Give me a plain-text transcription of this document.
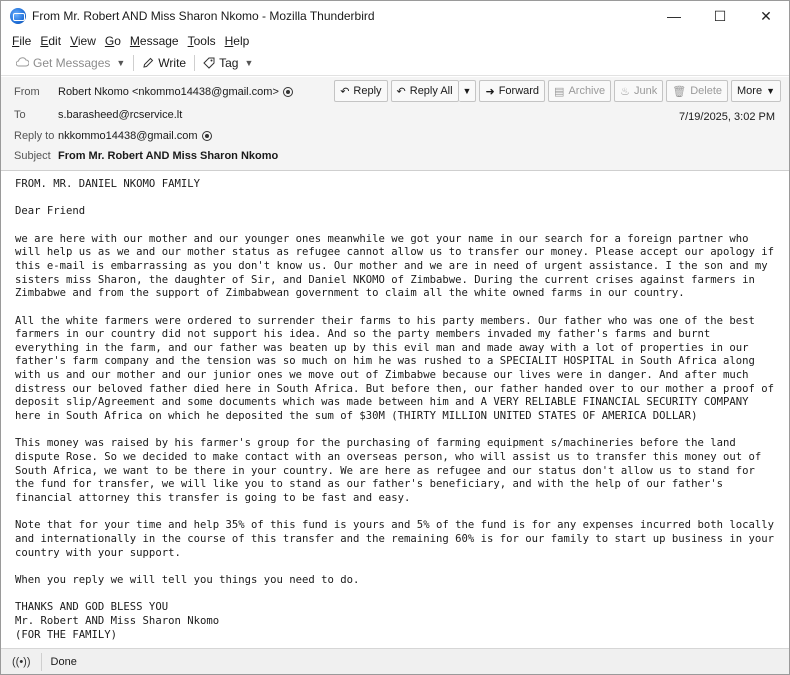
From Mr. Robert AND Miss Sharon Nkomo - Mozilla Thunderbird	—	☐	✕
File Edit View Go Message Tools Help
Get Messages ▼	Write	Tag ▼
From	Robert Nkomo <nkommo14438@gmail.com>
To	s.barasheed@rcservice.lt
Reply to nkkommo14438@gmail.com
Subject From Mr. Robert AND Miss Sharon Nkomo
↶ Reply ↶ Reply All ▼ ➜ Forward ▤ Archive ♨ Junk 🗑 Delete More ▼
7/19/2025, 3:02 PM

FROM. MR. DANIEL NKOMO FAMILY

Dear Friend

we are here with our mother and our younger ones meanwhile we got your name in our search for a foreign partner who
will help us as we and our mother status as refugee cannot allow us to transfer our money. Please accept our apology if
this e-mail is embarrassing as you don't know us. Our mother and we are in need of urgent assistance. I the son and my
sisters miss Sharon, the daughter of Sir, and Daniel NKOMO of Zimbabwe. During the current crises against farmers in
Zimbabwe and from the support of Zimbabwean government to claim all the white owned farms in our country.

All the white farmers were ordered to surrender their farms to his party members. Our father who was one of the best
farmers in our country did not support his idea. And so the party members invaded my father's farms and burnt
everything in the farm, and our father was beaten up by this evil man and made away with a lot of properties in our
father's farm company and the tension was so much on him he was rushed to a SPECIALIT HOSPITAL in South Africa along
with us and our mother and our junior ones we move out of Zimbabwe because our lives were in danger. And after much
distress our beloved father died here in South Africa. But before then, our father handed over to our mother a proof of
deposit slip/Agreement and some documents which was made between him and A VERY RELIABLE FINANCIAL SECURITY COMPANY
here in South Africa on which he deposited the sum of $30M (THIRTY MILLION UNITED STATES OF AMERICA DOLLAR)

This money was raised by his farmer's group for the purchasing of farming equipment s/machineries before the land
dispute Rose. So we decided to make contact with an overseas person, who will assist us to transfer this money out of
South Africa, we want to be there in your country. We are here as refugee and our status don't allow us to stand for
the fund for transfer, we will like you to stand as our father's beneficiary, and with the help of our father's
financial attorney this transfer is going to be fast and easy.

Note that for your time and help 35% of this fund is yours and 5% of the fund is for any expenses incurred both locally
and internationally in the course of this transfer and the remaining 60% is for our family to start up business in your
country with your support.

When you reply we will tell you things you need to do.

THANKS AND GOD BLESS YOU
Mr. Robert AND Miss Sharon Nkomo
(FOR THE FAMILY)

((•)) Done
